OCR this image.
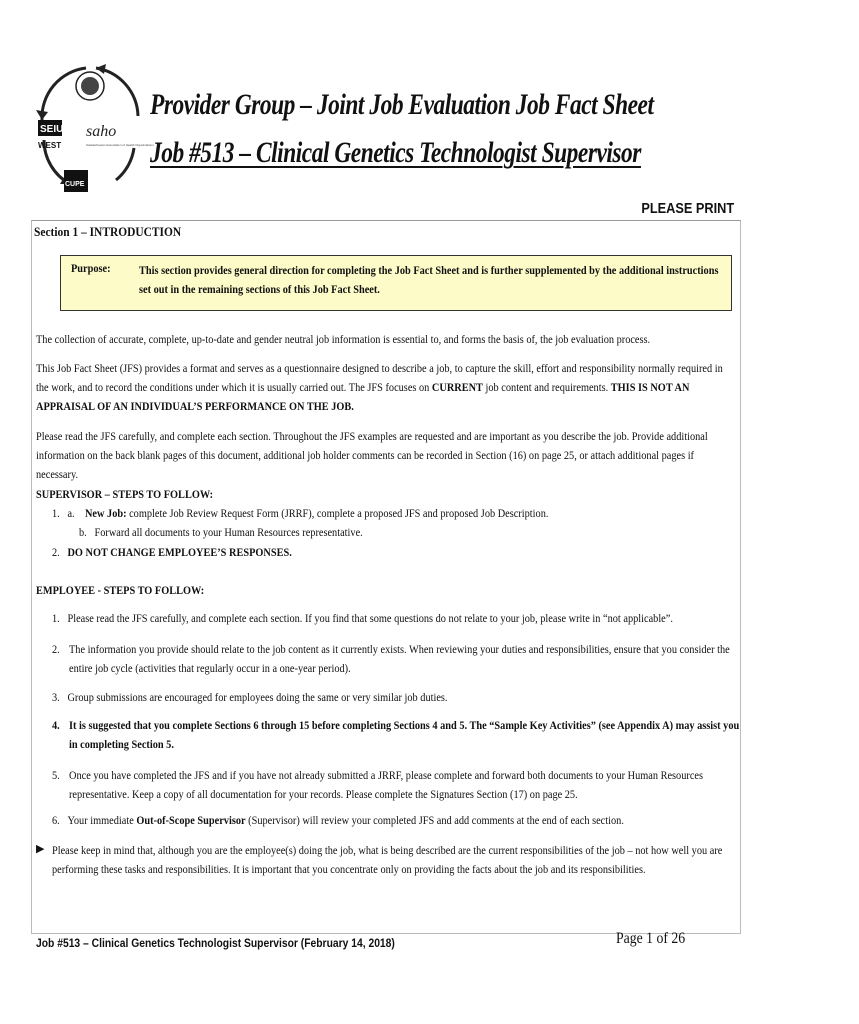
SEIU
WEST
saho
Saskatchewan Association of Health Organizations
CUPE
Provider Group – Joint Job Evaluation Job Fact Sheet
Job #513 – Clinical Genetics Technologist Supervisor
PLEASE PRINT
Section 1 – INTRODUCTION
Purpose: This section provides general direction for completing the Job Fact Sheet and is further supplemented by the additional instructions set out in the remaining sections of this Job Fact Sheet.
The collection of accurate, complete, up-to-date and gender neutral job information is essential to, and forms the basis of, the job evaluation process.
This Job Fact Sheet (JFS) provides a format and serves as a questionnaire designed to describe a job, to capture the skill, effort and responsibility normally required in the work, and to record the conditions under which it is usually carried out. The JFS focuses on CURRENT job content and requirements. THIS IS NOT AN APPRAISAL OF AN INDIVIDUAL’S PERFORMANCE ON THE JOB.
Please read the JFS carefully, and complete each section. Throughout the JFS examples are requested and are important as you describe the job. Provide additional information on the back blank pages of this document, additional job holder comments can be recorded in Section (16) on page 25, or attach additional pages if necessary.
SUPERVISOR – STEPS TO FOLLOW:
1. a. New Job: complete Job Review Request Form (JRRF), complete a proposed JFS and proposed Job Description.
b. Forward all documents to your Human Resources representative.
2. DO NOT CHANGE EMPLOYEE’S RESPONSES.
EMPLOYEE - STEPS TO FOLLOW:
1. Please read the JFS carefully, and complete each section. If you find that some questions do not relate to your job, please write in “not applicable”.
2. The information you provide should relate to the job content as it currently exists. When reviewing your duties and responsibilities, ensure that you consider the entire job cycle (activities that regularly occur in a one-year period).
3. Group submissions are encouraged for employees doing the same or very similar job duties.
4. It is suggested that you complete Sections 6 through 15 before completing Sections 4 and 5. The “Sample Key Activities” (see Appendix A) may assist you in completing Section 5.
5. Once you have completed the JFS and if you have not already submitted a JRRF, please complete and forward both documents to your Human Resources representative. Keep a copy of all documentation for your records. Please complete the Signatures Section (17) on page 25.
6. Your immediate Out-of-Scope Supervisor (Supervisor) will review your completed JFS and add comments at the end of each section.
▶ Please keep in mind that, although you are the employee(s) doing the job, what is being described are the current responsibilities of the job – not how well you are performing these tasks and responsibilities. It is important that you concentrate only on providing the facts about the job and its responsibilities.
Job #513 – Clinical Genetics Technologist Supervisor (February 14, 2018)	Page 1 of 26
